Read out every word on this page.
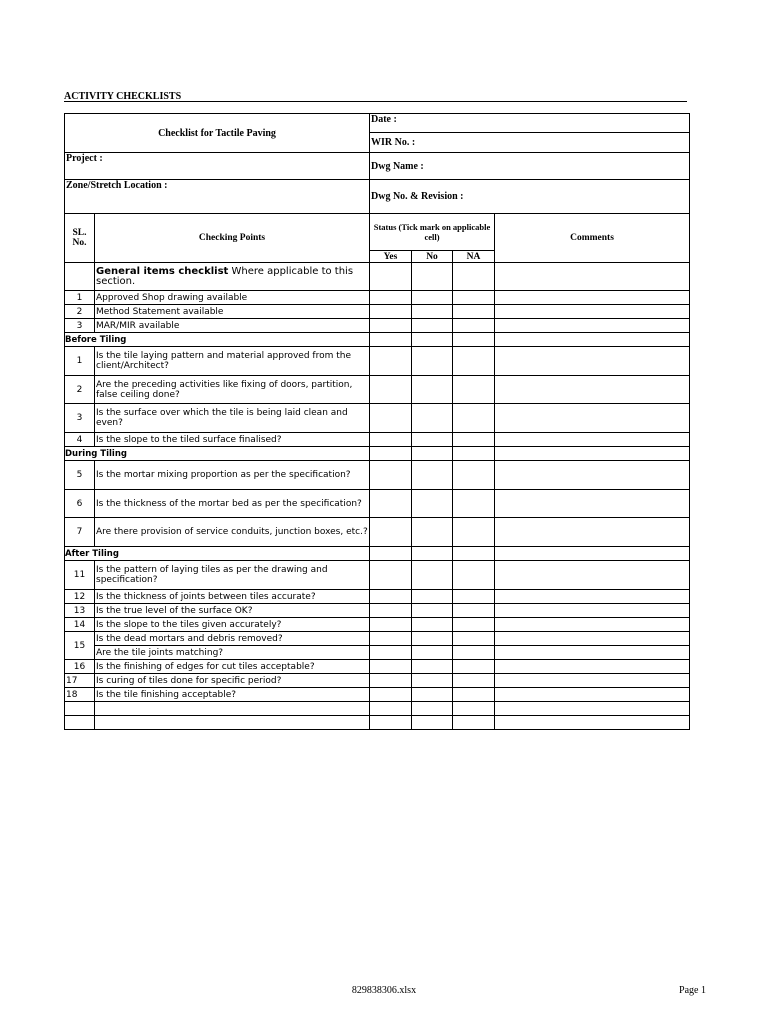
ACTIVITY CHECKLISTS
Checklist for Tactile Paving	Date :
	WIR No. :
Project :	Dwg Name :
Zone/Stretch Location :	Dwg No. & Revision :
SL. No.	Checking Points	Status (Tick mark on applicable cell)			Comments
		Yes	No	NA	
	General items checklist Where applicable to this section.				
1	Approved Shop drawing available				
2	Method Statement available				
3	MAR/MIR available				
Before Tiling					
1	Is the tile laying pattern and material approved from the client/Architect?				
2	Are the preceding activities like fixing of doors, partition, false ceiling done?				
3	Is the surface over which the tile is being laid clean and even?				
4	Is the slope to the tiled surface finalised?				
During Tiling					
5	Is the mortar mixing proportion as per the specification?				
6	Is the thickness of the mortar bed as per the specification?				
7	Are there provision of service conduits, junction boxes, etc.?				
After Tiling					
11	Is the pattern of laying tiles as per the drawing and specification?				
12	Is the thickness of joints between tiles accurate?				
13	Is the true level of the surface OK?				
14	Is the slope to the tiles given accurately?				
15	Is the dead mortars and debris removed?				
	Are the tile joints matching?				
16	Is the finishing of edges for cut tiles acceptable?				
17	Is curing of tiles done for specific period?				
18	Is the tile finishing acceptable?				

829838306.xlsx	Page 1
